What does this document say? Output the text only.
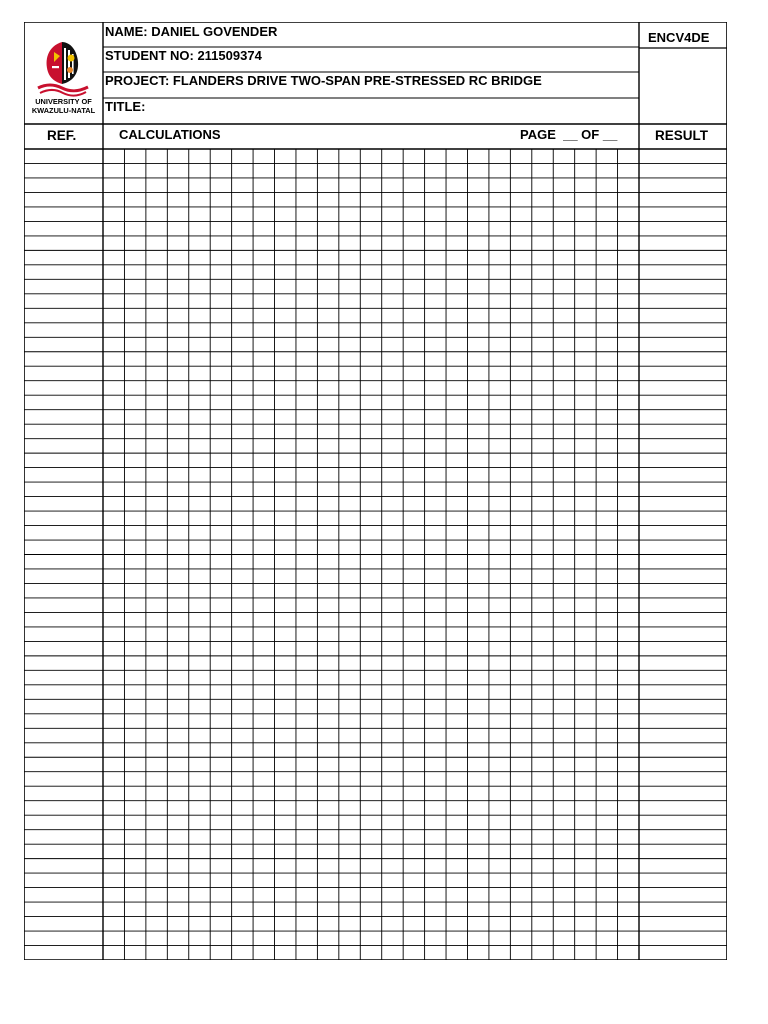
UNIVERSITY OF
KWAZULU-NATAL
NAME: DANIEL GOVENDER
STUDENT NO: 211509374
PROJECT: FLANDERS DRIVE TWO-SPAN PRE-STRESSED RC BRIDGE
TITLE:
ENCV4DE
REF.	CALCULATIONS	PAGE  __ OF __	RESULT
